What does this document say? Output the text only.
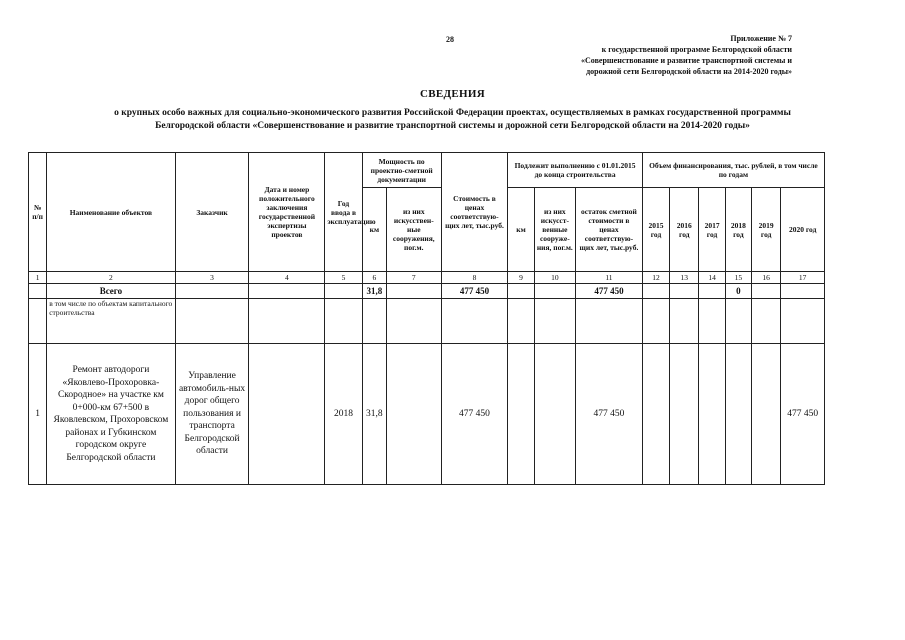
28	Приложение № 7
к государственной программе Белгородской области
«Совершенствование и развитие транспортной системы и
дорожной сети Белгородской области на 2014-2020 годы»
СВЕДЕНИЯ
о крупных особо важных для социально-экономического развития Российской Федерации проектах, осуществляемых в рамках государственной программы
Белгородской области «Совершенствование и развитие транспортной системы и дорожной сети Белгородской области на 2014-2020 годы»
№ п/п	Наименование объектов	Заказчик	Дата и номер положительного заключения государственной экспертизы проектов	Год ввода в эксплуатацию	Мощность по проектно-сметной документации		Стоимость в ценах соответствую-щих лет, тыс.руб.	Подлежит выполнению с 01.01.2015 до конца строительства			Объем финансирования, тыс. рублей, в том числе по годам					
					км	из них искусствен-ные сооружения, пог.м.		км	из них искусст-венные сооруже-ния, пог.м.	остаток сметной стоимости в ценах соответствую-щих лет, тыс.руб.	2015 год	2016 год	2017 год	2018 год	2019 год	2020 год
1	2	3	4	5	6	7	8	9	10	11	12	13	14	15	16	17
	Всего				31,8		477 450			477 450				0		
	в том числе по объектам капитального строительства															
1	Ремонт автодороги «Яковлево-Прохоровка-Скородное» на участке км 0+000-км 67+500 в Яковлевском, Прохоровском районах и Губкинском городском округе Белгородской области	Управление автомобиль-ных дорог общего пользования и транспорта Белгородской области		2018	31,8		477 450			477 450						477 450
